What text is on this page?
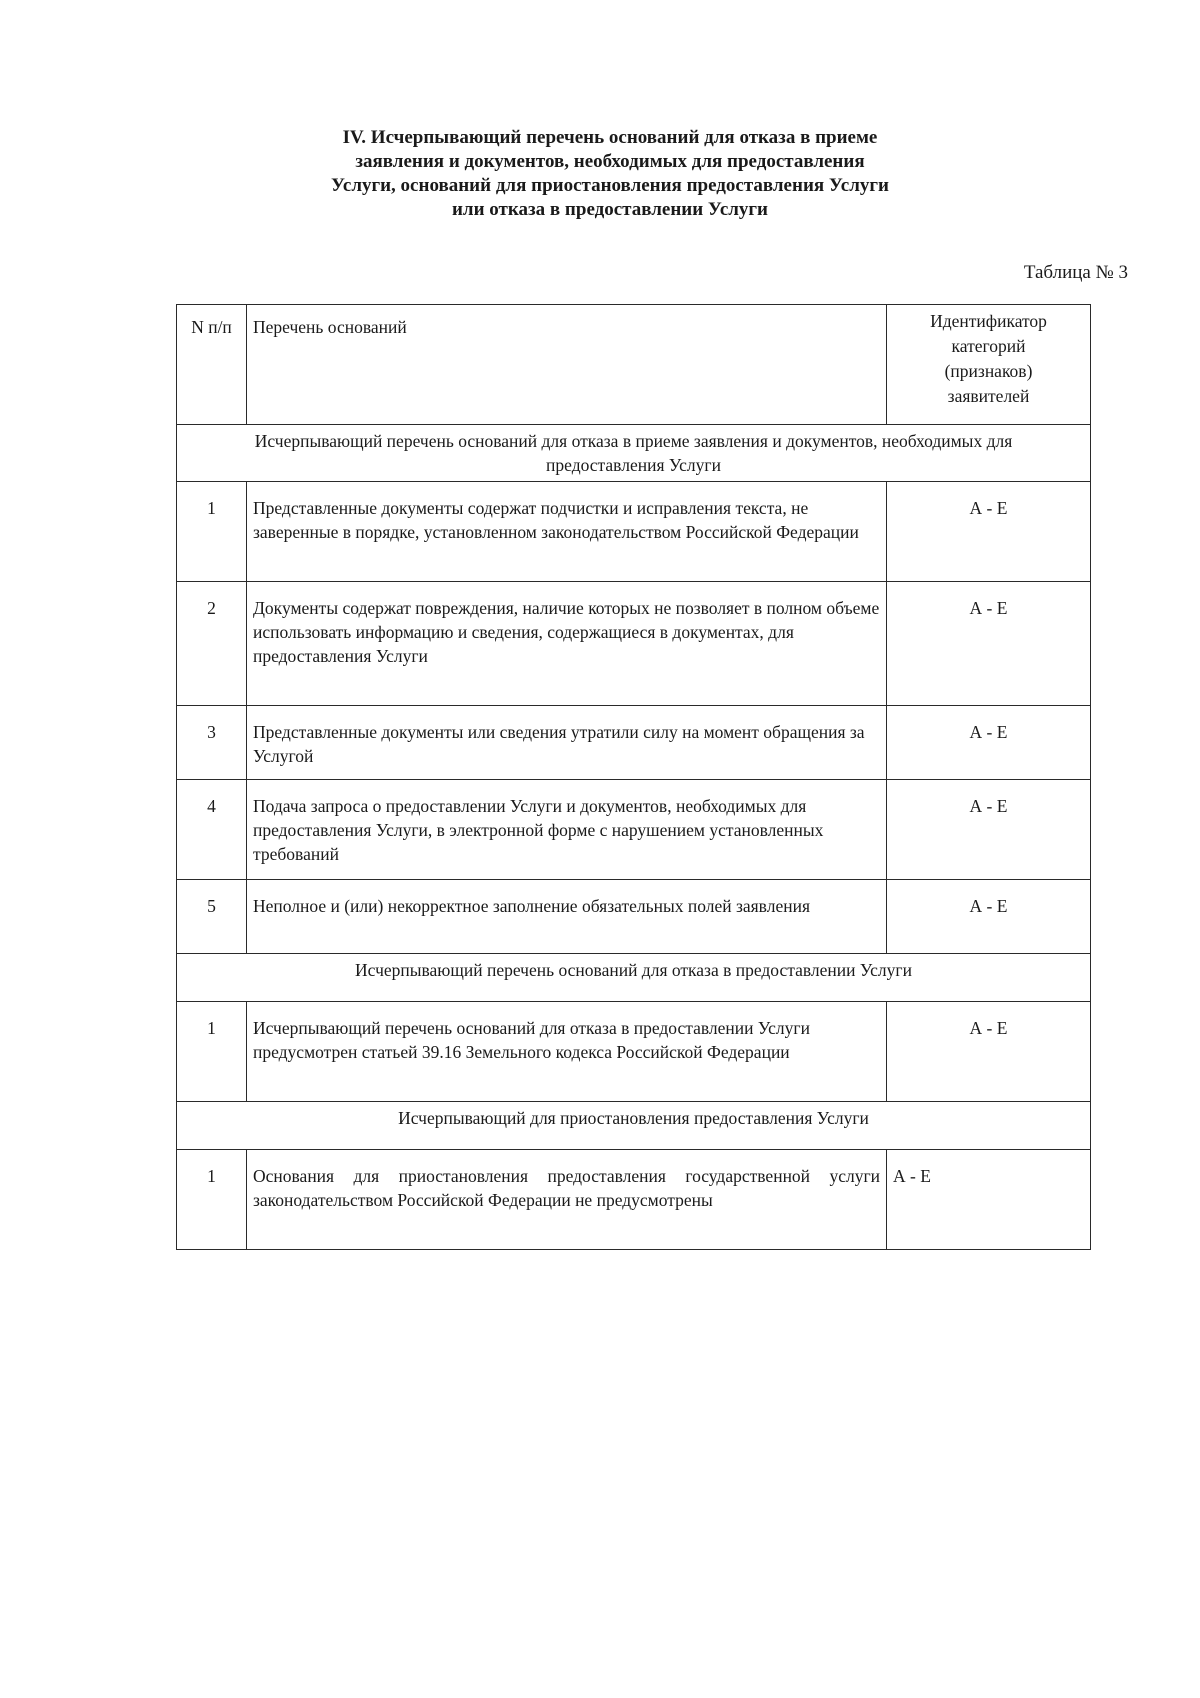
IV. Исчерпывающий перечень оснований для отказа в приеме
заявления и документов, необходимых для предоставления
Услуги, оснований для приостановления предоставления Услуги
или отказа в предоставлении Услуги
Таблица № 3
N п/п	Перечень оснований	Идентификатор категорий (признаков) заявителей
Исчерпывающий перечень оснований для отказа в приеме заявления и документов, необходимых для предоставления Услуги		
1	Представленные документы содержат подчистки и исправления текста, не заверенные в порядке, установленном законодательством Российской Федерации	А - Е
2	Документы содержат повреждения, наличие которых не позволяет в полном объеме использовать информацию и сведения, содержащиеся в документах, для предоставления Услуги	А - Е
3	Представленные документы или сведения утратили силу на момент обращения за Услугой	А - Е
4	Подача запроса о предоставлении Услуги и документов, необходимых для предоставления Услуги, в электронной форме с нарушением установленных требований	А - Е
5	Неполное и (или) некорректное заполнение обязательных полей заявления	А - Е
Исчерпывающий перечень оснований для отказа в предоставлении Услуги		
1	Исчерпывающий перечень оснований для отказа в предоставлении Услуги предусмотрен статьей 39.16 Земельного кодекса Российской Федерации	А - Е
Исчерпывающий для приостановления предоставления Услуги		
1	Основания для приостановления предоставления государственной услуги законодательством Российской Федерации не предусмотрены	А - Е
